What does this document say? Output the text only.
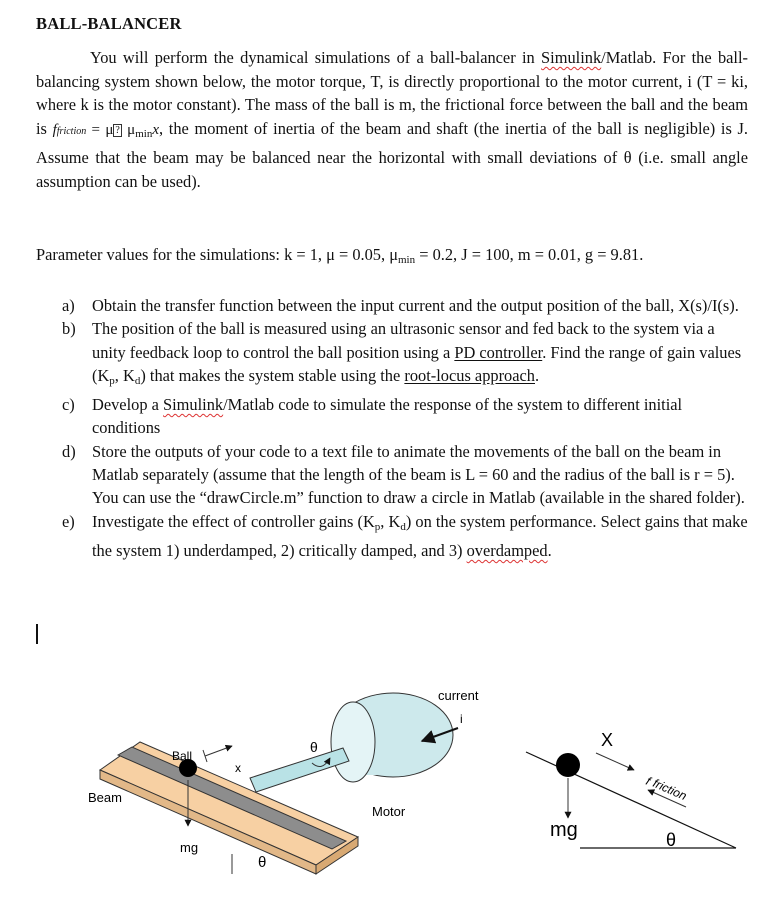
BALL-BALANCER

You will perform the dynamical simulations of a ball-balancer in Simulink/Matlab. For the ball-balancing system shown below, the motor torque, T, is directly proportional to the motor current, i (T = ki, where k is the motor constant). The mass of the ball is m, the frictional force between the ball and the beam is ffriction = μ ? $\mu_{min}x$, the moment of inertia of the beam and shaft (the inertia of the ball is negligible) is J. Assume that the beam may be balanced near the horizontal with small deviations of θ (i.e. small angle assumption can be used).

Parameter values for the simulations: k = 1, μ = 0.05, $\mu_{min} = 0.2$, J = 100, m = 0.01, g = 9.81.
a) Obtain the transfer function between the input current and the output position of the ball, X(s)/I(s).
b) The position of the ball is measured using an ultrasonic sensor and fed back to the system via a unity feedback loop to control the ball position using a PD controller. Find the range of gain values ($K_p$, $K_d$) that makes the system stable using the root-locus approach.
c) Develop a Simulink/Matlab code to simulate the response of the system to different initial conditions
d) Store the outputs of your code to a text file to animate the movements of the ball on the beam in Matlab separately (assume that the length of the beam is L = 60 and the radius of the ball is r = 5). You can use the “drawCircle.m” function to draw a circle in Matlab (available in the shared folder).
e) Investigate the effect of controller gains ($K_p$, $K_d$) on the system performance. Select gains that make the system 1) underdamped, 2) critically damped, and 3) overdamped.
Ball
mg
x
θ
θ
Beam
Motor
current
i
X
mg
f
friction
θ
